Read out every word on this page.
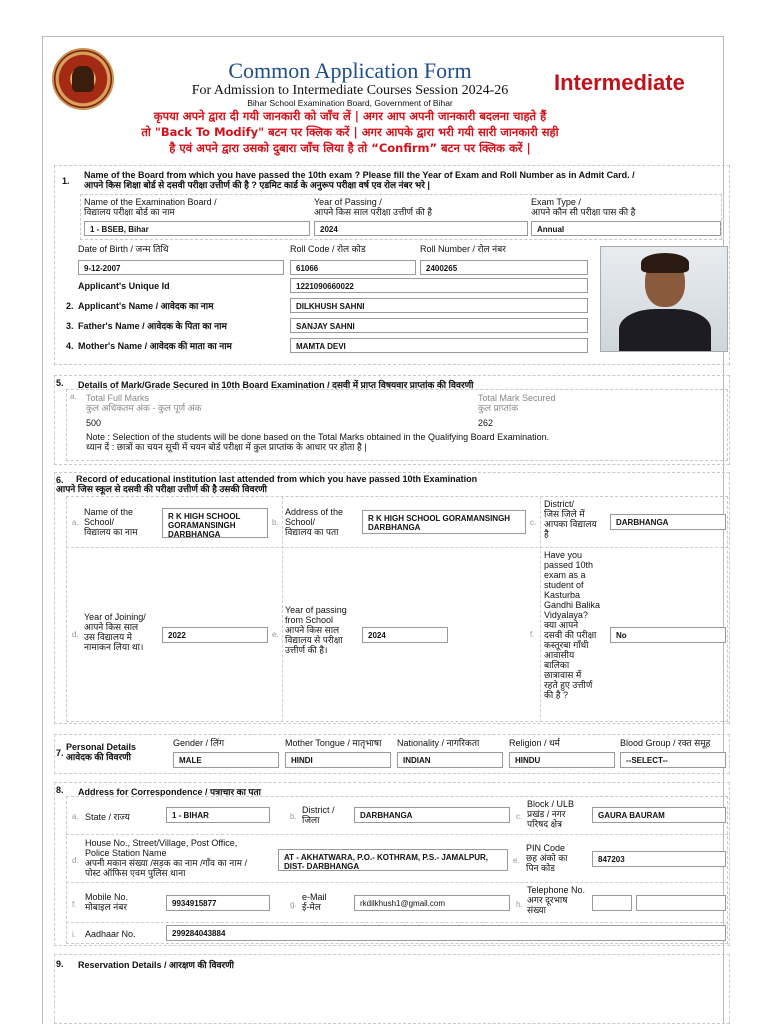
Common Application Form
For Admission to Intermediate Courses Session 2024-26
Bihar School Examination Board, Government of Bihar
Intermediate
कृपया अपने द्वारा दी गयी जानकारी को जाँच लें | अगर आप अपनी जानकारी बदलना चाहते हैं
तो "Back To Modify" बटन पर क्लिक करें | अगर आपके द्वारा भरी गयी सारी जानकारी सही
है एवं अपने द्वारा उसको दुबारा जाँच लिया है तो “Confirm” बटन पर क्लिक करें |
1.
Name of the Board from which you have passed the 10th exam ? Please fill the Year of Exam and Roll Number as in Admit Card. /
आपने किस शिक्षा बोर्ड से दसवी परीक्षा उत्तीर्ण की है ? एडमिट कार्ड के अनुरूप परीक्षा वर्ष एव रोल नंबर भरे |
Name of the Examination Board /
विद्यालय परीक्षा बोर्ड का नाम
1 - BSEB, Bihar
Year of Passing /
आपने किस साल परीक्षा उत्तीर्ण की है
2024
Exam Type /
आपने कौन सी परीक्षा पास की है
Annual
Date of Birth / जन्म तिथि
9-12-2007
Roll Code / रोल कोड
61066
Roll Number / रोल नंबर
2400265
Applicant's Unique Id	1221090660022
2. Applicant's Name / आवेदक का नाम	DILKHUSH SAHNI
3. Father's Name / आवेदक के पिता का नाम	SANJAY SAHNI
4. Mother's Name / आवेदक की माता का नाम	MAMTA DEVI
5. Details of Mark/Grade Secured in 10th Board Examination / दसवी में प्राप्त विषयवार प्राप्तांक की विवरणी
a. Total Full Marks
कुल अधिकतम अंक - कुल पूर्ण अंक
500
Total Mark Secured
कुल प्राप्तांक
262
Note : Selection of the students will be done based on the Total Marks obtained in the Qualifying Board Examination.
ध्यान दें : छात्रों का चयन सूची में चयन बोर्ड परीक्षा में कुल प्राप्तांक के आधार पर होता है |
6.	Record of educational institution last attended from which you have passed 10th Examination
आपने जिस स्कूल से दसवी की परीक्षा उत्तीर्ण की है उसकी विवरणी
a.
Name of the
School/
विद्यालय का नाम
R K HIGH SCHOOL
GORAMANSINGH
DARBHANGA
b.
Address of the
School/
विद्यालय का पता
R K HIGH SCHOOL GORAMANSINGH
DARBHANGA
c.
District/
जिस जिले में
आपका विद्यालय
है
DARBHANGA
d.
Year of Joining/
आपने किस साल
उस विद्यालय मे
नामाकन लिया था।
2022	e.
Year of passing
from School
आपने किस साल
विद्यालय से परीक्षा
उत्तीर्ण की है।
2024	f.
Have you
passed 10th
exam as a
student of
Kasturba
Gandhi Balika
Vidyalaya?
क्या आपने
दसवी की परीक्षा
कस्तूरबा गाँधी
आवासीय
बालिका
छात्रावास में
रहते हुए उत्तीर्ण
की है ?
No
7.
Personal Details
आवेदक की विवरणी
Gender / लिंग
MALE
Mother Tongue / मातृभाषा
HINDI
Nationality / नागरिकता
INDIAN
Religion / धर्म
HINDU
Blood Group / रक्त समूह
--SELECT--
8. Address for Correspondence / पत्राचार का पता
a. State / राज्य	1 - BIHAR	b.
District /
जिला	DARBHANGA	c.
Block / ULB
प्रखंड / नगर
परिषद क्षेत्र
GAURA BAURAM
d.
House No., Street/Village, Post Office,
Police Station Name
अपनी मकान संख्या /सड़क का नाम /गाँव का नाम /
पोस्ट ऑफिस एवम पुलिस थाना
AT - AKHATWARA, P.O.- KOTHRAM, P.S.- JAMALPUR,
DIST- DARBHANGA
e.
PIN Code
छह अंको का
पिन कोड
847203
f.
Mobile No.
मोबाइल नंबर	9934915877	g.
e-Mail
ई-मेल	rkdilkhush1@gmail.com	h.
Telephone No.
अगर दूरभाष
संख्या
i. Aadhaar No.	299284043884
9. Reservation Details / आरक्षण की विवरणी
